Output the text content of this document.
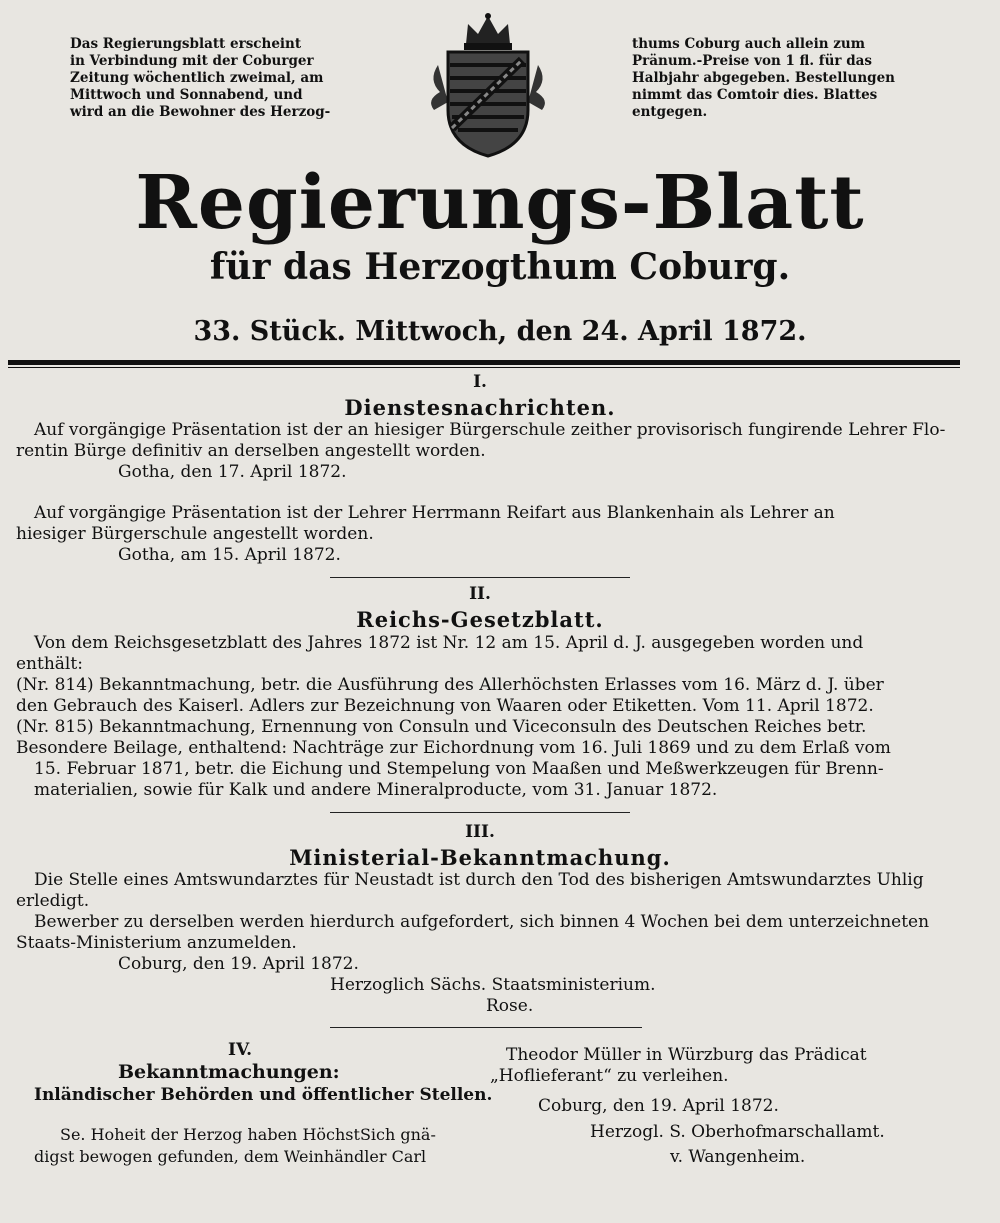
Das Regierungsblatt erscheint
in Verbindung mit der Coburger
Zeitung wöchentlich zweimal, am
Mittwoch und Sonnabend, und
wird an die Bewohner des Herzog-
thums Coburg auch allein zum
Pränum.-Preise von 1 fl. für das
Halbjahr abgegeben. Bestellungen
nimmt das Comtoir dies. Blattes
entgegen.
Regierungs-Blatt
für das Herzogthum Coburg.
33. Stück. Mittwoch, den 24. April 1872.
I.
Dienstesnachrichten.
Auf vorgängige Präsentation ist der an hiesiger Bürgerschule zeither provisorisch fungirende Lehrer Flo-
rentin Bürge definitiv an derselben angestellt worden.
Gotha, den 17. April 1872.
Auf vorgängige Präsentation ist der Lehrer Herrmann Reifart aus Blankenhain als Lehrer an
hiesiger Bürgerschule angestellt worden.
Gotha, am 15. April 1872.
II.
Reichs-Gesetzblatt.
Von dem Reichsgesetzblatt des Jahres 1872 ist Nr. 12 am 15. April d. J. ausgegeben worden und
enthält:
(Nr. 814) Bekanntmachung, betr. die Ausführung des Allerhöchsten Erlasses vom 16. März d. J. über
den Gebrauch des Kaiserl. Adlers zur Bezeichnung von Waaren oder Etiketten. Vom 11. April 1872.
(Nr. 815) Bekanntmachung, Ernennung von Consuln und Viceconsuln des Deutschen Reiches betr.
Besondere Beilage, enthaltend: Nachträge zur Eichordnung vom 16. Juli 1869 und zu dem Erlaß vom
15. Februar 1871, betr. die Eichung und Stempelung von Maaßen und Meßwerkzeugen für Brenn-
materialien, sowie für Kalk und andere Mineralproducte, vom 31. Januar 1872.
III.
Ministerial-Bekanntmachung.
Die Stelle eines Amtswundarztes für Neustadt ist durch den Tod des bisherigen Amtswundarztes Uhlig
erledigt.
Bewerber zu derselben werden hierdurch aufgefordert, sich binnen 4 Wochen bei dem unterzeichneten
Staats-Ministerium anzumelden.
Coburg, den 19. April 1872.
Herzoglich Sächs. Staatsministerium.
Rose.
IV.
Bekanntmachungen:
Inländischer Behörden und öffentlicher Stellen.
Se. Hoheit der Herzog haben HöchstSich gnä-
digst bewogen gefunden, dem Weinhändler Carl
Theodor Müller in Würzburg das Prädicat
„Hoflieferant“ zu verleihen.
Coburg, den 19. April 1872.
Herzogl. S. Oberhofmarschallamt.
v. Wangenheim.
